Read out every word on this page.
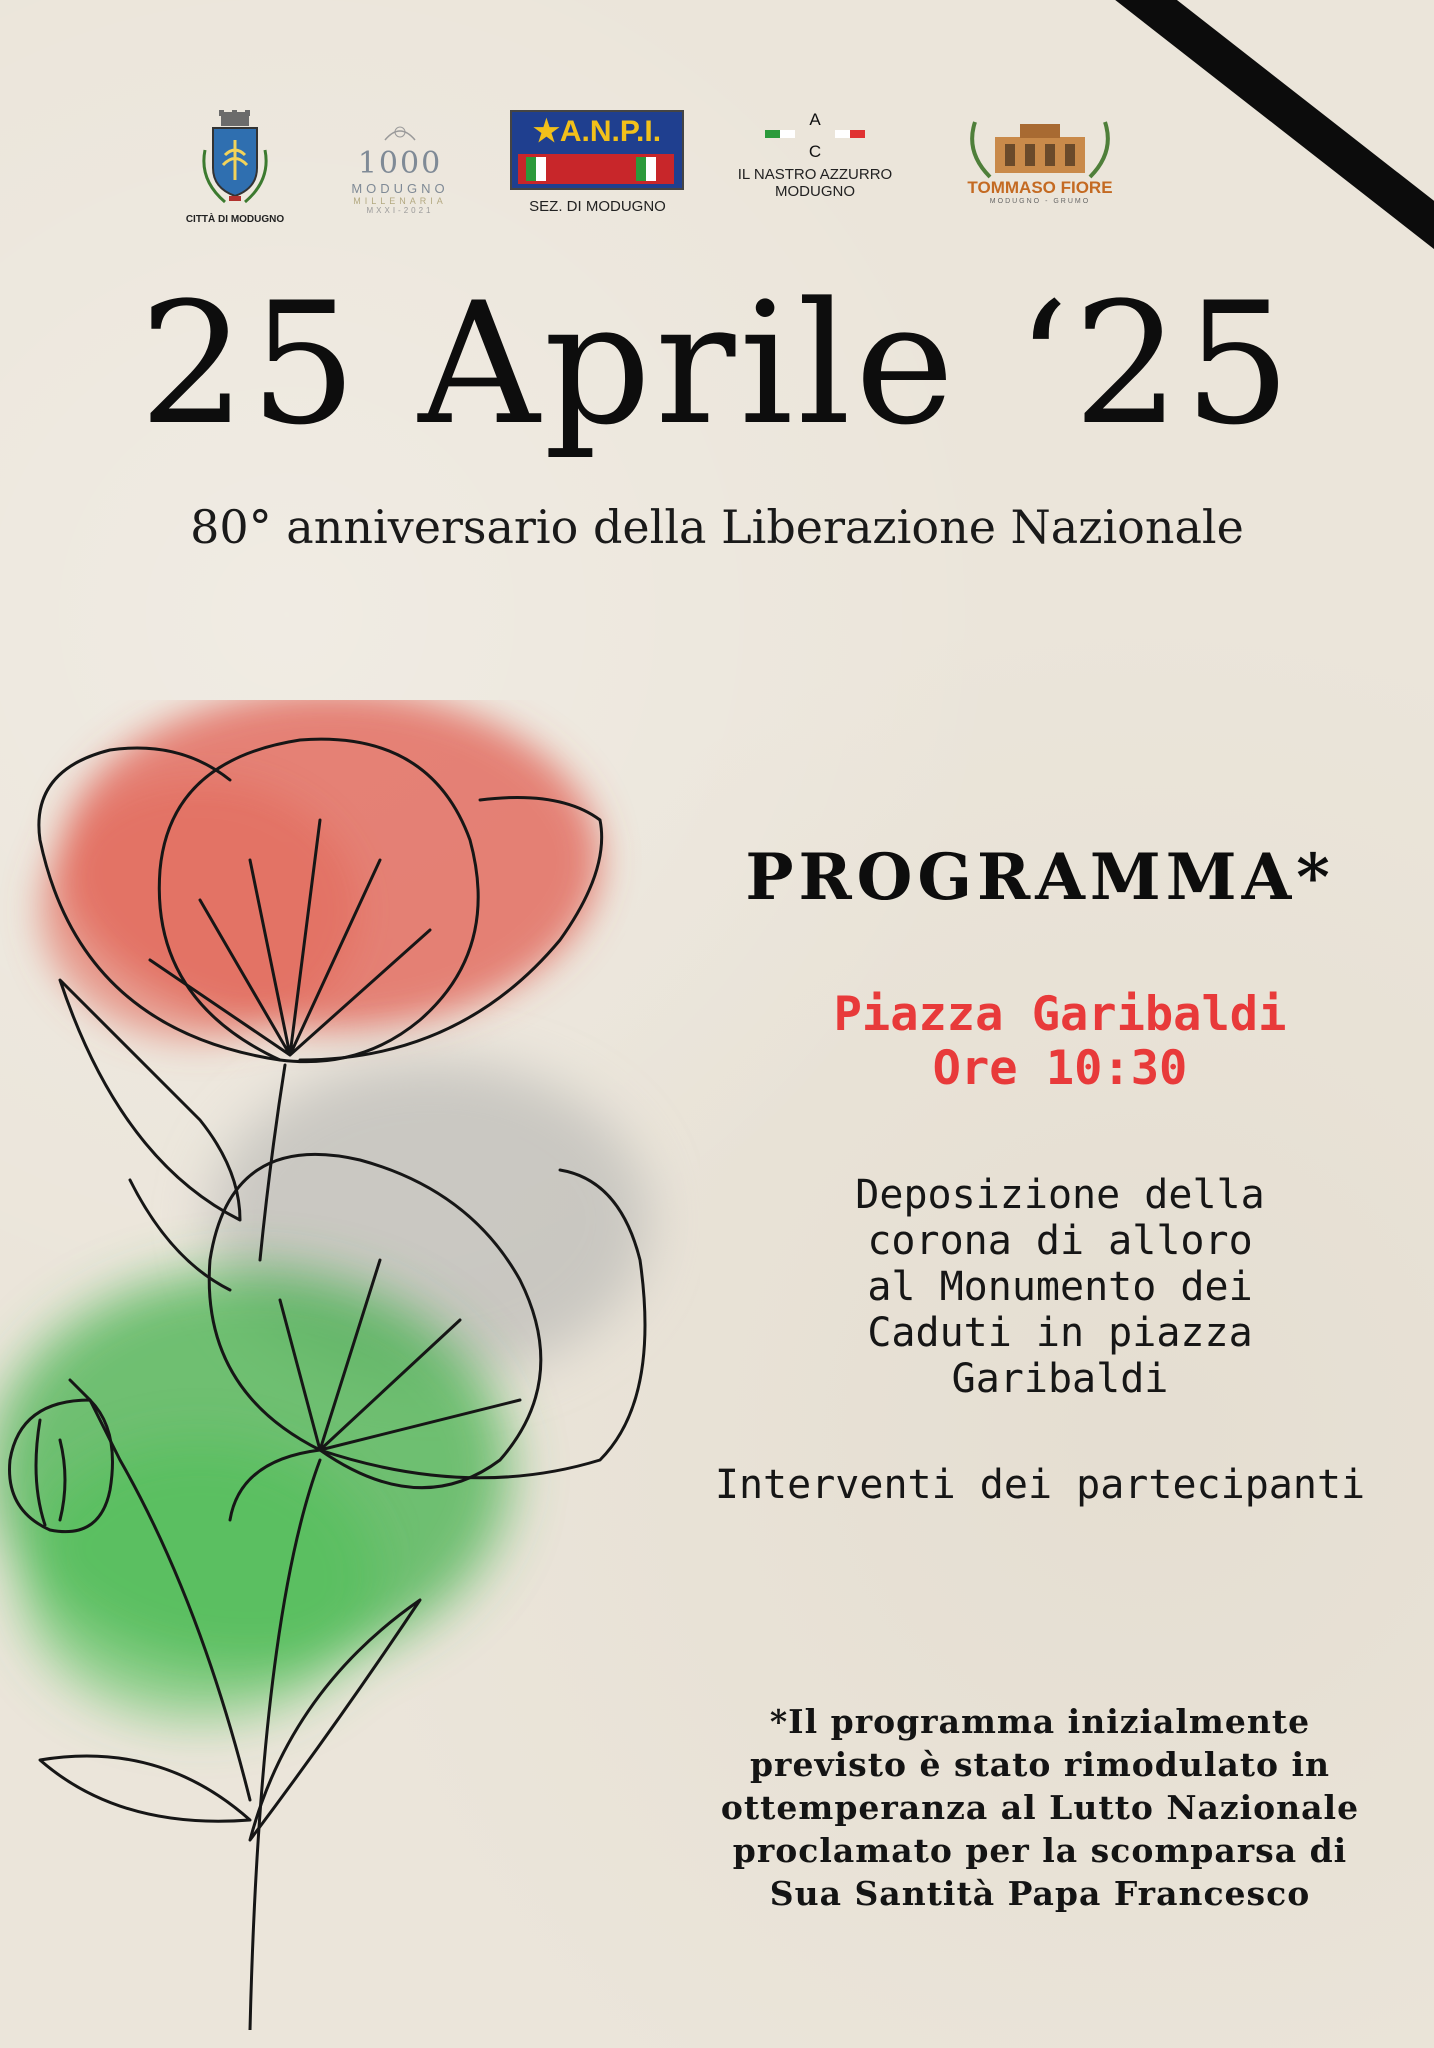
CITTÀ DI MODUGNO
1000
MODUGNO
MILLENARIA
MXXI-2021
★A.N.P.I.
SEZ. DI MODUGNO
A
C
IL NASTRO AZZURRO
MODUGNO	TOMMASO FIORE
MODUGNO - GRUMO
25 Aprile ‘25
80° anniversario della Liberazione Nazionale
PROGRAMMA*
Piazza Garibaldi
Ore 10:30
Deposizione della
corona di alloro
al Monumento dei
Caduti in piazza
Garibaldi
Interventi dei partecipanti
*Il programma inizialmente
previsto è stato rimodulato in
ottemperanza al Lutto Nazionale
proclamato per la scomparsa di
Sua Santità Papa Francesco
